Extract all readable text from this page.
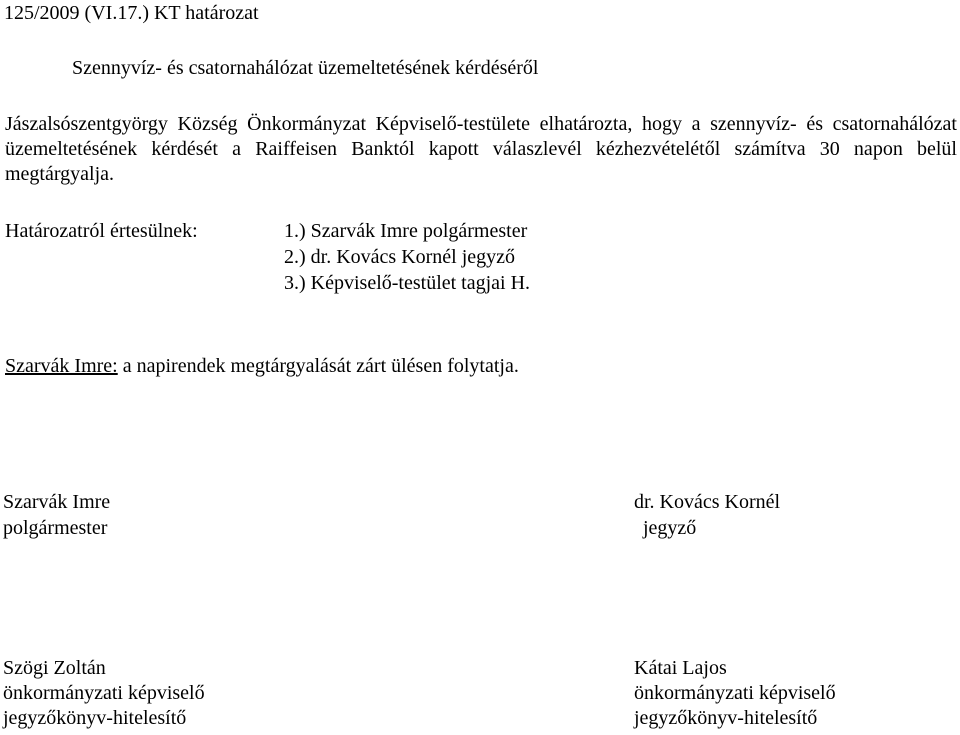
125/2009 (VI.17.) KT határozat
Szennyvíz- és csatornahálózat üzemeltetésének kérdéséről
Jászalsószentgyörgy Község Önkormányzat Képviselő-testülete elhatározta, hogy a szennyvíz- és csatornahálózat üzemeltetésének kérdését a Raiffeisen Banktól kapott válaszlevél kézhezvételétől számítva 30 napon belül megtárgyalja.
Határozatról értesülnek:	1.) Szarvák Imre polgármester
2.) dr. Kovács Kornél jegyző
3.) Képviselő-testület tagjai H.
Szarvák Imre: a napirendek megtárgyalását zárt ülésen folytatja.
Szarvák Imre
polgármester
dr. Kovács Kornél
jegyző
Szögi Zoltán
önkormányzati képviselő
jegyzőkönyv-hitelesítő
Kátai Lajos
önkormányzati képviselő
jegyzőkönyv-hitelesítő
